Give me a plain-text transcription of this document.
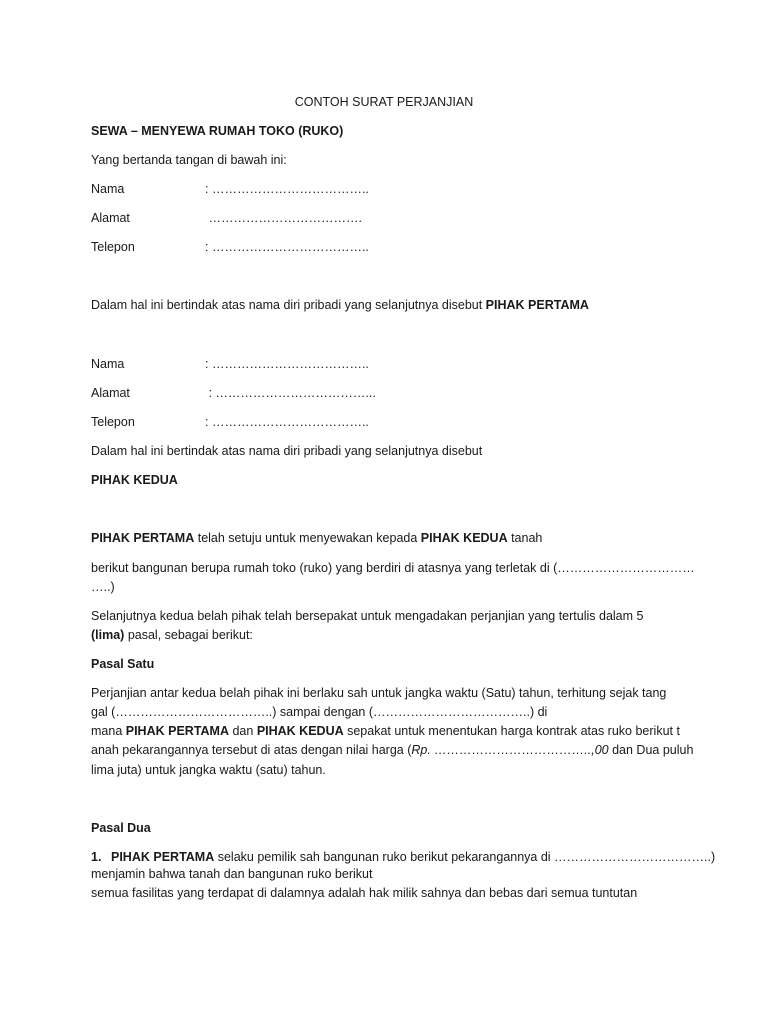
CONTOH SURAT PERJANJIAN
SEWA – MENYEWA RUMAH TOKO (RUKO)
Yang bertanda tangan di bawah ini:
Nama	: ………………………………..
Alamat	……………………………….
Telepon	: ………………………………..
Dalam hal ini bertindak atas nama diri pribadi yang selanjutnya disebut PIHAK PERTAMA
Nama	: ………………………………..
Alamat	: ………………………………...
Telepon	: ………………………………..
Dalam hal ini bertindak atas nama diri pribadi yang selanjutnya disebut
PIHAK KEDUA
PIHAK PERTAMA telah setuju untuk menyewakan kepada PIHAK KEDUA tanah
berikut bangunan berupa rumah toko (ruko) yang berdiri di atasnya yang terletak di (……………………………
…..)
Selanjutnya kedua belah pihak telah bersepakat untuk mengadakan perjanjian yang tertulis dalam 5
(lima) pasal, sebagai berikut:
Pasal Satu
Perjanjian antar kedua belah pihak ini berlaku sah untuk jangka waktu (Satu) tahun, terhitung sejak tang
gal (………………………………..) sampai dengan (………………………………..) di
mana PIHAK PERTAMA dan PIHAK KEDUA sepakat untuk menentukan harga kontrak atas ruko berikut t
anah pekarangannya tersebut di atas dengan nilai harga (Rp. ………………………………..,00 dan Dua puluh
lima juta) untuk jangka waktu (satu) tahun.
Pasal Dua
1. PIHAK PERTAMA selaku pemilik sah bangunan ruko berikut pekarangannya di ………………………………..)
menjamin bahwa tanah dan bangunan ruko berikut
semua fasilitas yang terdapat di dalamnya adalah hak milik sahnya dan bebas dari semua tuntutan
